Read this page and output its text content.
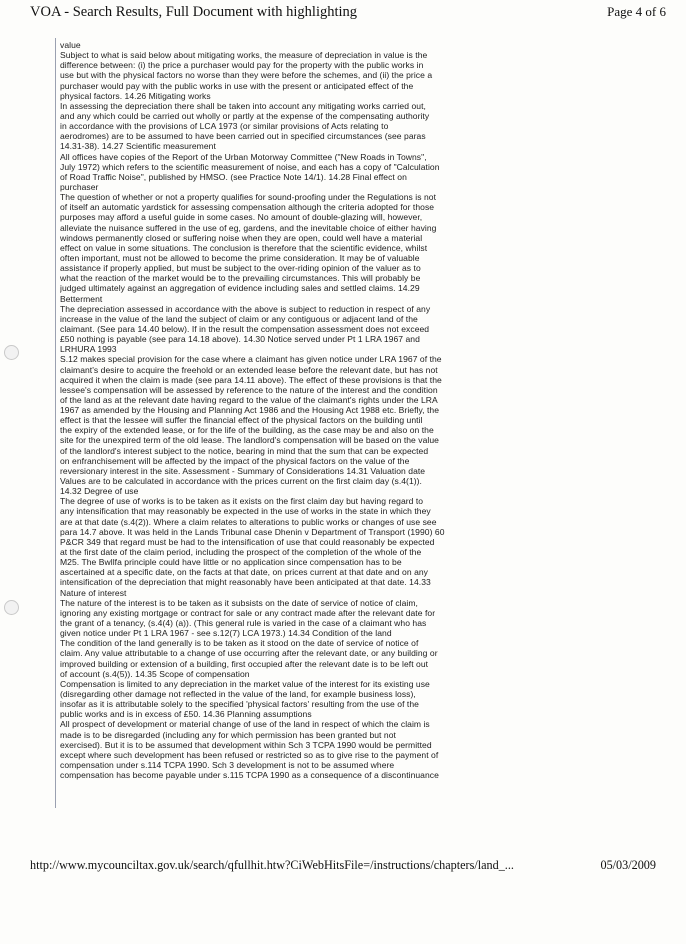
VOA - Search Results, Full Document with highlighting	Page 4 of 6
value
Subject to what is said below about mitigating works, the measure of depreciation in value is the
difference between: (i) the price a purchaser would pay for the property with the public works in
use but with the physical factors no worse than they were before the schemes, and (ii) the price a
purchaser would pay with the public works in use with the present or anticipated effect of the
physical factors. 14.26 Mitigating works
In assessing the depreciation there shall be taken into account any mitigating works carried out,
and any which could be carried out wholly or partly at the expense of the compensating authority
in accordance with the provisions of LCA 1973 (or similar provisions of Acts relating to
aerodromes) are to be assumed to have been carried out in specified circumstances (see paras
14.31-38). 14.27 Scientific measurement
All offices have copies of the Report of the Urban Motorway Committee ("New Roads in Towns",
July 1972) which refers to the scientific measurement of noise, and each has a copy of "Calculation
of Road Traffic Noise", published by HMSO. (see Practice Note 14/1). 14.28 Final effect on
purchaser
The question of whether or not a property qualifies for sound-proofing under the Regulations is not
of itself an automatic yardstick for assessing compensation although the criteria adopted for those
purposes may afford a useful guide in some cases. No amount of double-glazing will, however,
alleviate the nuisance suffered in the use of eg, gardens, and the inevitable choice of either having
windows permanently closed or suffering noise when they are open, could well have a material
effect on value in some situations. The conclusion is therefore that the scientific evidence, whilst
often important, must not be allowed to become the prime consideration. It may be of valuable
assistance if properly applied, but must be subject to the over-riding opinion of the valuer as to
what the reaction of the market would be to the prevailing circumstances. This will probably be
judged ultimately against an aggregation of evidence including sales and settled claims. 14.29
Betterment
The depreciation assessed in accordance with the above is subject to reduction in respect of any
increase in the value of the land the subject of claim or any contiguous or adjacent land of the
claimant. (See para 14.40 below). If in the result the compensation assessment does not exceed
£50 nothing is payable (see para 14.18 above). 14.30 Notice served under Pt 1 LRA 1967 and
LRHURA 1993
S.12 makes special provision for the case where a claimant has given notice under LRA 1967 of the
claimant's desire to acquire the freehold or an extended lease before the relevant date, but has not
acquired it when the claim is made (see para 14.11 above). The effect of these provisions is that the
lessee's compensation will be assessed by reference to the nature of the interest and the condition
of the land as at the relevant date having regard to the value of the claimant's rights under the LRA
1967 as amended by the Housing and Planning Act 1986 and the Housing Act 1988 etc. Briefly, the
effect is that the lessee will suffer the financial effect of the physical factors on the building until
the expiry of the extended lease, or for the life of the building, as the case may be and also on the
site for the unexpired term of the old lease. The landlord's compensation will be based on the value
of the landlord's interest subject to the notice, bearing in mind that the sum that can be expected
on enfranchisement will be affected by the impact of the physical factors on the value of the
reversionary interest in the site. Assessment - Summary of Considerations 14.31 Valuation date
Values are to be calculated in accordance with the prices current on the first claim day (s.4(1)).
14.32 Degree of use
The degree of use of works is to be taken as it exists on the first claim day but having regard to
any intensification that may reasonably be expected in the use of works in the state in which they
are at that date (s.4(2)). Where a claim relates to alterations to public works or changes of use see
para 14.7 above. It was held in the Lands Tribunal case Dhenin v Department of Transport (1990) 60
P&CR 349 that regard must be had to the intensification of use that could reasonably be expected
at the first date of the claim period, including the prospect of the completion of the whole of the
M25. The Bwllfa principle could have little or no application since compensation has to be
ascertained at a specific date, on the facts at that date, on prices current at that date and on any
intensification of the depreciation that might reasonably have been anticipated at that date. 14.33
Nature of interest
The nature of the interest is to be taken as it subsists on the date of service of notice of claim,
ignoring any existing mortgage or contract for sale or any contract made after the relevant date for
the grant of a tenancy, (s.4(4) (a)). (This general rule is varied in the case of a claimant who has
given notice under Pt 1 LRA 1967 - see s.12(7) LCA 1973.) 14.34 Condition of the land
The condition of the land generally is to be taken as it stood on the date of service of notice of
claim. Any value attributable to a change of use occurring after the relevant date, or any building or
improved building or extension of a building, first occupied after the relevant date is to be left out
of account (s.4(5)). 14.35 Scope of compensation
Compensation is limited to any depreciation in the market value of the interest for its existing use
(disregarding other damage not reflected in the value of the land, for example business loss),
insofar as it is attributable solely to the specified 'physical factors' resulting from the use of the
public works and is in excess of £50. 14.36 Planning assumptions
All prospect of development or material change of use of the land in respect of which the claim is
made is to be disregarded (including any for which permission has been granted but not
exercised). But it is to be assumed that development within Sch 3 TCPA 1990 would be permitted
except where such development has been refused or restricted so as to give rise to the payment of
compensation under s.114 TCPA 1990. Sch 3 development is not to be assumed where
compensation has become payable under s.115 TCPA 1990 as a consequence of a discontinuance
http://www.mycounciltax.gov.uk/search/qfullhit.htw?CiWebHitsFile=/instructions/chapters/land_...	05/03/2009
